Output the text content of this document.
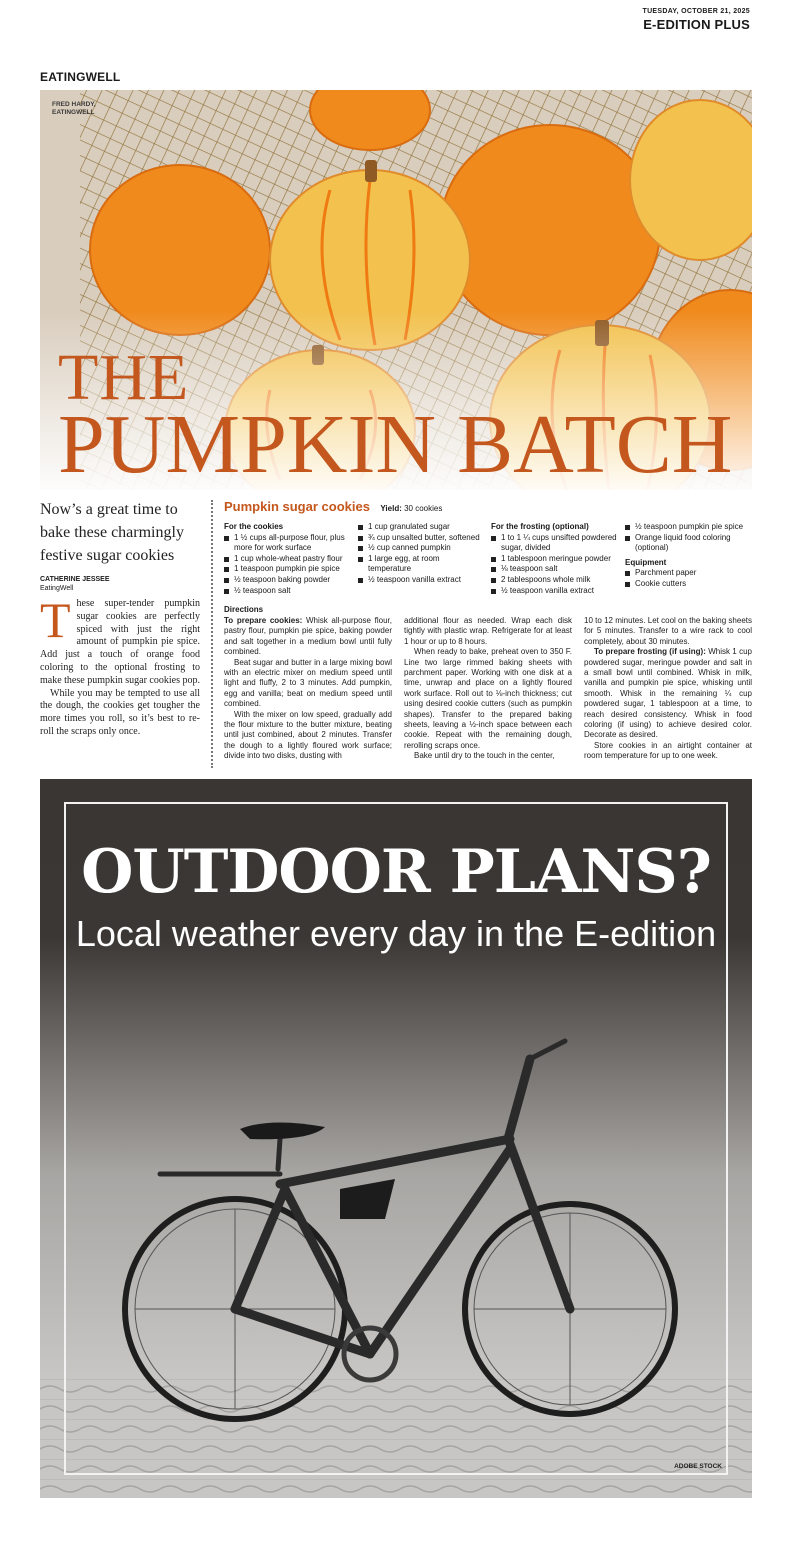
TUESDAY, OCTOBER 21, 2025
E-EDITION PLUS
EATINGWELL
FRED HARDY,
EATINGWELL
THE
PUMPKIN BATCH
Now’s a great time to bake these charmingly festive sugar cookies
CATHERINE JESSEE
EatingWell

These super-tender pumpkin sugar cookies are perfectly spiced with just the right amount of pumpkin pie spice. Add just a touch of orange food coloring to the optional frosting to make these pumpkin sugar cookies pop.

While you may be tempted to use all the dough, the cookies get tougher the more times you roll, so it’s best to re-roll the scraps only once.

Pumpkin sugar cookies Yield: 30 cookies
For the cookies
1 ½ cups all-purpose flour, plus more for work surface
1 cup whole-wheat pastry flour
1 teaspoon pumpkin pie spice
½ teaspoon baking powder
½ teaspoon salt
1 cup granulated sugar
¾ cup unsalted butter, softened
½ cup canned pumpkin
1 large egg, at room temperature
½ teaspoon vanilla extract
For the frosting (optional)
1 to 1 ¼ cups unsifted powdered sugar, divided
1 tablespoon meringue powder
⅛ teaspoon salt
2 tablespoons whole milk
½ teaspoon vanilla extract
½ teaspoon pumpkin pie spice
Orange liquid food coloring (optional)
Equipment
Parchment paper
Cookie cutters
Directions

To prepare cookies: Whisk all-purpose flour, pastry flour, pumpkin pie spice, baking powder and salt together in a medium bowl until fully combined.

Beat sugar and butter in a large mixing bowl with an electric mixer on medium speed until light and fluffy, 2 to 3 minutes. Add pumpkin, egg and vanilla; beat on medium speed until combined.

With the mixer on low speed, gradually add the flour mixture to the butter mixture, beating until just combined, about 2 minutes. Transfer the dough to a lightly floured work surface; divide into two disks, dusting with

additional flour as needed. Wrap each disk tightly with plastic wrap. Refrigerate for at least 1 hour or up to 8 hours.

When ready to bake, preheat oven to 350 F. Line two large rimmed baking sheets with parchment paper. Working with one disk at a time, unwrap and place on a lightly floured work surface. Roll out to ⅛-inch thickness; cut using desired cookie cutters (such as pumpkin shapes). Transfer to the prepared baking sheets, leaving a ½-inch space between each cookie. Repeat with the remaining dough, rerolling scraps once.

Bake until dry to the touch in the center,

10 to 12 minutes. Let cool on the baking sheets for 5 minutes. Transfer to a wire rack to cool completely, about 30 minutes.

To prepare frosting (if using): Whisk 1 cup powdered sugar, meringue powder and salt in a small bowl until combined. Whisk in milk, vanilla and pumpkin pie spice, whisking until smooth. Whisk in the remaining ¼ cup powdered sugar, 1 tablespoon at a time, to reach desired consistency. Whisk in food coloring (if using) to achieve desired color. Decorate as desired.

Store cookies in an airtight container at room temperature for up to one week.

OUTDOOR PLANS?
Local weather every day in the E-edition
ADOBE STOCK
